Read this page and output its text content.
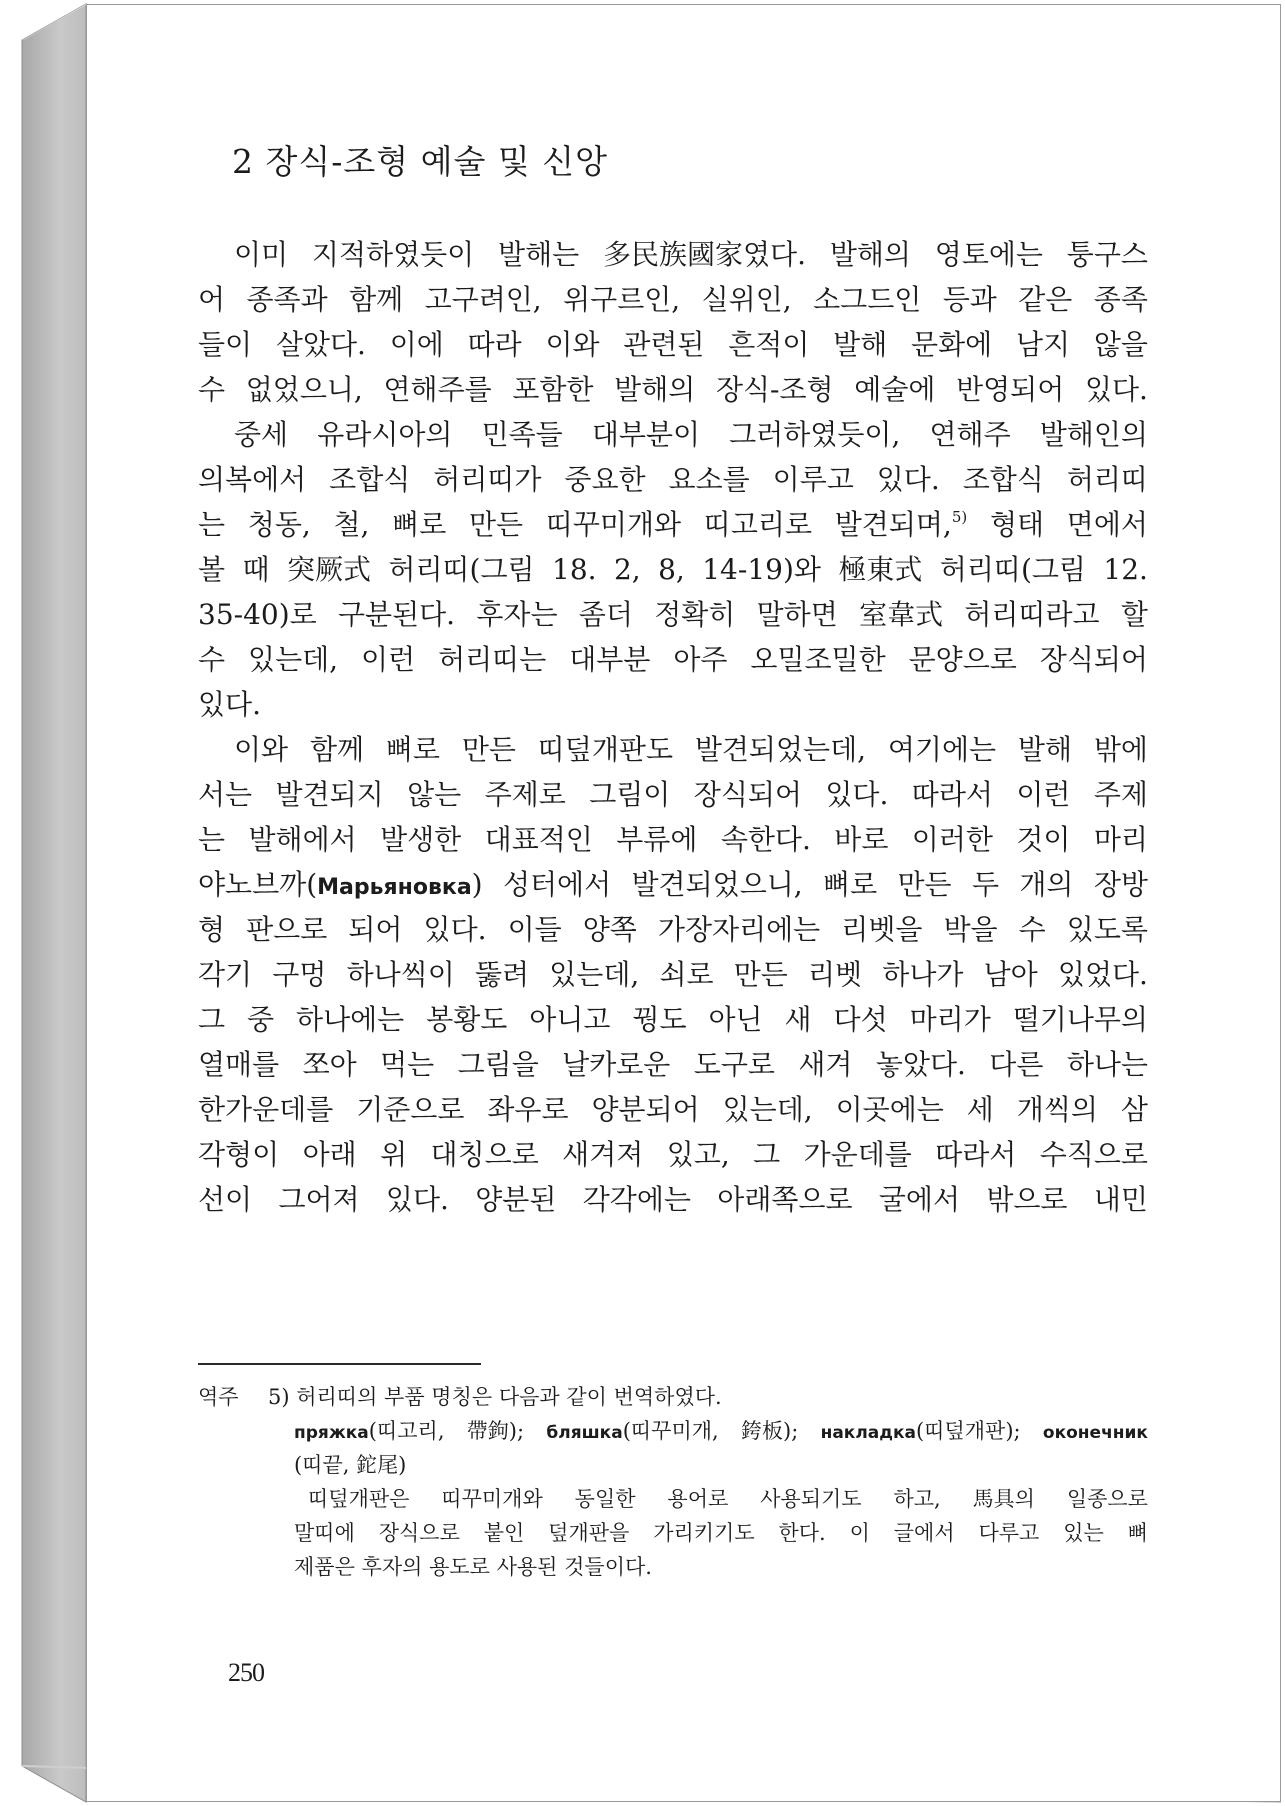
2 장식-조형 예술 및 신앙
이미 지적하였듯이 발해는 多民族國家였다. 발해의 영토에는 퉁구스
어 종족과 함께 고구려인, 위구르인, 실위인, 소그드인 등과 같은 종족
들이 살았다. 이에 따라 이와 관련된 흔적이 발해 문화에 남지 않을
수 없었으니, 연해주를 포함한 발해의 장식-조형 예술에 반영되어 있다.
중세 유라시아의 민족들 대부분이 그러하였듯이, 연해주 발해인의
의복에서 조합식 허리띠가 중요한 요소를 이루고 있다. 조합식 허리띠
는 청동, 철, 뼈로 만든 띠꾸미개와 띠고리로 발견되며,$^{5)}$ 형태 면에서
볼 때 突厥式 허리띠(그림 18. 2, 8, 14-19)와 極東式 허리띠(그림 12.
35-40)로 구분된다. 후자는 좀더 정확히 말하면 室韋式 허리띠라고 할
수 있는데, 이런 허리띠는 대부분 아주 오밀조밀한 문양으로 장식되어
있다.
이와 함께 뼈로 만든 띠덮개판도 발견되었는데, 여기에는 발해 밖에
서는 발견되지 않는 주제로 그림이 장식되어 있다. 따라서 이런 주제
는 발해에서 발생한 대표적인 부류에 속한다. 바로 이러한 것이 마리
야노브까(Марьяновка) 성터에서 발견되었으니, 뼈로 만든 두 개의 장방
형 판으로 되어 있다. 이들 양쪽 가장자리에는 리벳을 박을 수 있도록
각기 구멍 하나씩이 뚫려 있는데, 쇠로 만든 리벳 하나가 남아 있었다.
그 중 하나에는 봉황도 아니고 꿩도 아닌 새 다섯 마리가 떨기나무의
열매를 쪼아 먹는 그림을 날카로운 도구로 새겨 놓았다. 다른 하나는
한가운데를 기준으로 좌우로 양분되어 있는데, 이곳에는 세 개씩의 삼
각형이 아래 위 대칭으로 새겨져 있고, 그 가운데를 따라서 수직으로
선이 그어져 있다. 양분된 각각에는 아래쪽으로 굴에서 밖으로 내민
역주 5) 허리띠의 부품 명칭은 다음과 같이 번역하였다.
пряжка(띠고리, 帶鉤); бляшка(띠꾸미개, 銙板); накладка(띠덮개판); оконечник
(띠끝, 鉈尾)
띠덮개판은 띠꾸미개와 동일한 용어로 사용되기도 하고, 馬具의 일종으로
말띠에 장식으로 붙인 덮개판을 가리키기도 한다. 이 글에서 다루고 있는 뼈
제품은 후자의 용도로 사용된 것들이다.
250
